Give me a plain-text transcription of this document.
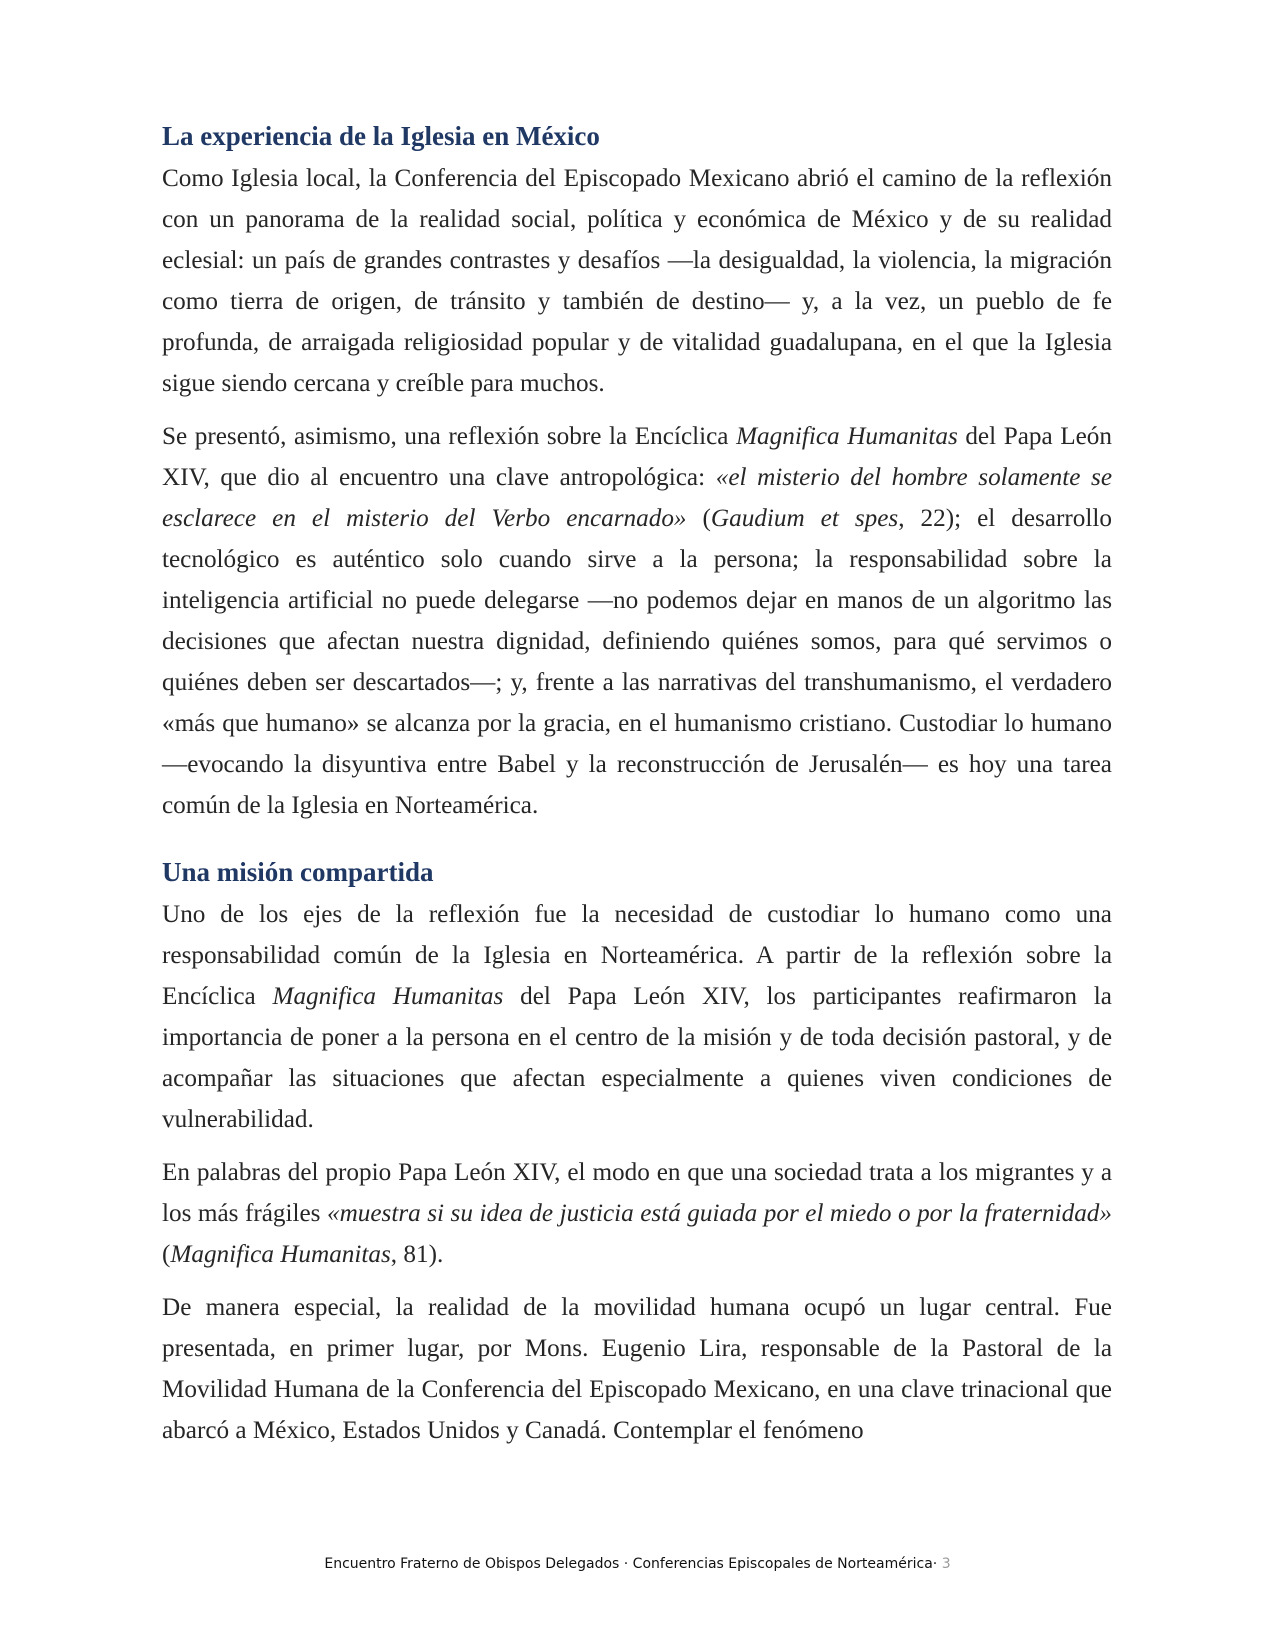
La experiencia de la Iglesia en México

Como Iglesia local, la Conferencia del Episcopado Mexicano abrió el camino de la reflexión con un panorama de la realidad social, política y económica de México y de su realidad eclesial: un país de grandes contrastes y desafíos —la desigualdad, la violencia, la migración como tierra de origen, de tránsito y también de destino— y, a la vez, un pueblo de fe profunda, de arraigada religiosidad popular y de vitalidad guadalupana, en el que la Iglesia sigue siendo cercana y creíble para muchos.

Se presentó, asimismo, una reflexión sobre la Encíclica Magnifica Humanitas del Papa León XIV, que dio al encuentro una clave antropológica: «el misterio del hombre solamente se esclarece en el misterio del Verbo encarnado» (Gaudium et spes, 22); el desarrollo tecnológico es auténtico solo cuando sirve a la persona; la responsabilidad sobre la inteligencia artificial no puede delegarse —no podemos dejar en manos de un algoritmo las decisiones que afectan nuestra dignidad, definiendo quiénes somos, para qué servimos o quiénes deben ser descartados—; y, frente a las narrativas del transhumanismo, el verdadero «más que humano» se alcanza por la gracia, en el humanismo cristiano. Custodiar lo humano —evocando la disyuntiva entre Babel y la reconstrucción de Jerusalén— es hoy una tarea común de la Iglesia en Norteamérica.

Una misión compartida

Uno de los ejes de la reflexión fue la necesidad de custodiar lo humano como una responsabilidad común de la Iglesia en Norteamérica. A partir de la reflexión sobre la Encíclica Magnifica Humanitas del Papa León XIV, los participantes reafirmaron la importancia de poner a la persona en el centro de la misión y de toda decisión pastoral, y de acompañar las situaciones que afectan especialmente a quienes viven condiciones de vulnerabilidad.

En palabras del propio Papa León XIV, el modo en que una sociedad trata a los migrantes y a los más frágiles «muestra si su idea de justicia está guiada por el miedo o por la fraternidad» (Magnifica Humanitas, 81).

De manera especial, la realidad de la movilidad humana ocupó un lugar central. Fue presentada, en primer lugar, por Mons. Eugenio Lira, responsable de la Pastoral de la Movilidad Humana de la Conferencia del Episcopado Mexicano, en una clave trinacional que abarcó a México, Estados Unidos y Canadá. Contemplar el fenómeno

Encuentro Fraterno de Obispos Delegados · Conferencias Episcopales de Norteamérica· 3
